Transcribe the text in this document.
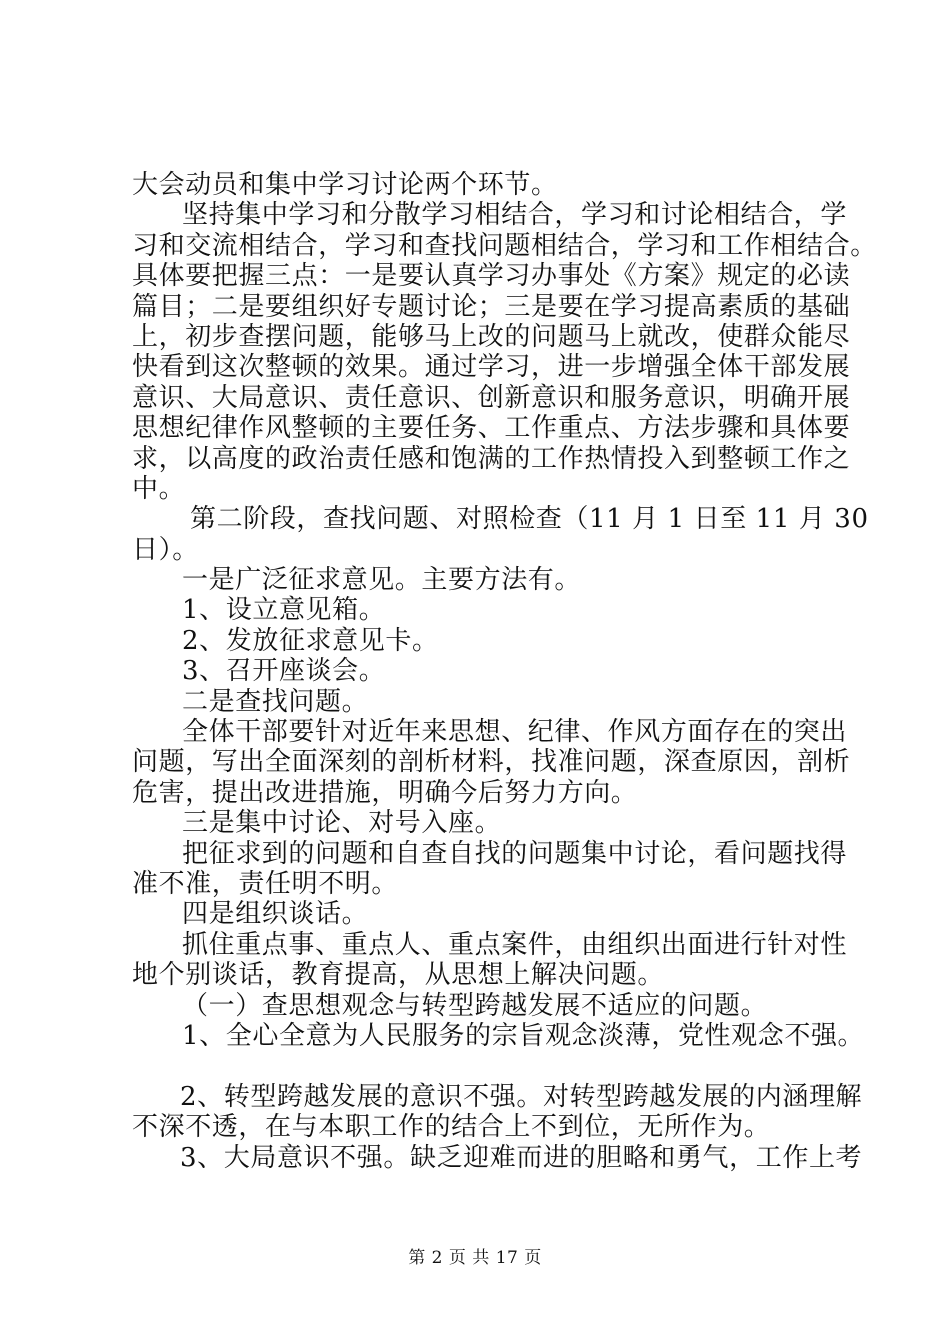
大会动员和集中学习讨论两个环节。
坚持集中学习和分散学习相结合，学习和讨论相结合，学
习和交流相结合，学习和查找问题相结合，学习和工作相结合。
具体要把握三点：一是要认真学习办事处《方案》规定的必读
篇目；二是要组织好专题讨论；三是要在学习提高素质的基础
上，初步查摆问题，能够马上改的问题马上就改，使群众能尽
快看到这次整顿的效果。通过学习，进一步增强全体干部发展
意识、大局意识、责任意识、创新意识和服务意识，明确开展
思想纪律作风整顿的主要任务、工作重点、方法步骤和具体要
求，以高度的政治责任感和饱满的工作热情投入到整顿工作之
中。
第二阶段，查找问题、对照检查（11 月 1 日至 11 月 30
日）。
一是广泛征求意见。主要方法有。
1、设立意见箱。
2、发放征求意见卡。
3、召开座谈会。
二是查找问题。
全体干部要针对近年来思想、纪律、作风方面存在的突出
问题，写出全面深刻的剖析材料，找准问题，深查原因，剖析
危害，提出改进措施，明确今后努力方向。
三是集中讨论、对号入座。
把征求到的问题和自查自找的问题集中讨论，看问题找得
准不准，责任明不明。
四是组织谈话。
抓住重点事、重点人、重点案件，由组织出面进行针对性
地个别谈话，教育提高，从思想上解决问题。
（一）查思想观念与转型跨越发展不适应的问题。
1、全心全意为人民服务的宗旨观念淡薄，党性观念不强。
2、转型跨越发展的意识不强。对转型跨越发展的内涵理解
不深不透，在与本职工作的结合上不到位，无所作为。
3、大局意识不强。缺乏迎难而进的胆略和勇气，工作上考
第 2 页 共 17 页
